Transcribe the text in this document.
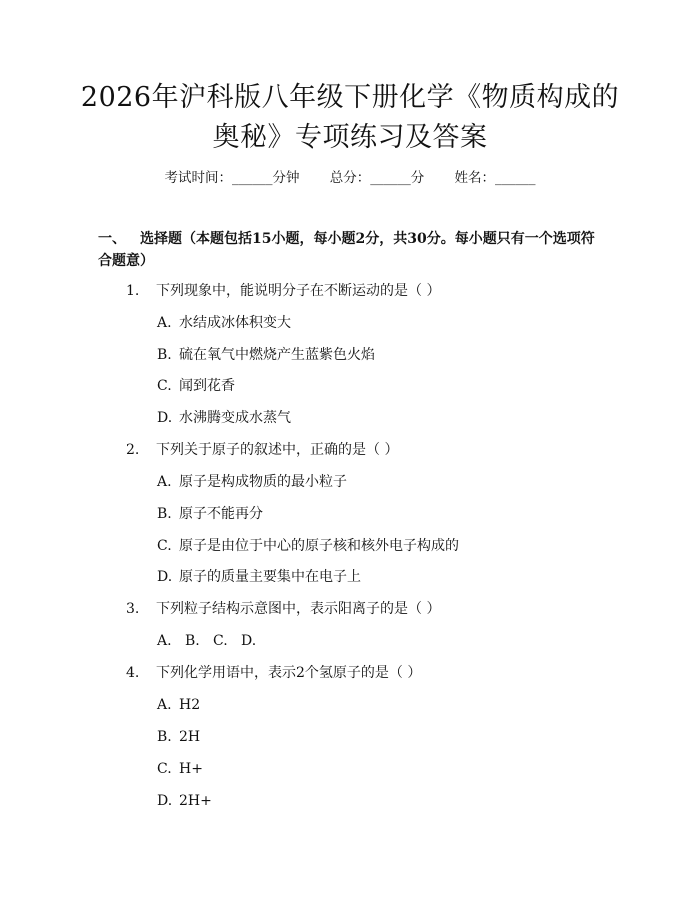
2026年沪科版八年级下册化学《物质构成的
奥秘》专项练习及答案
考试时间：______分钟 总分：______分 姓名：______
一、 选择题（本题包括15小题，每小题2分，共30分。每小题只有一个选项符
合题意）
1. 下列现象中，能说明分子在不断运动的是（ ）
A. 水结成冰体积变大
B. 硫在氧气中燃烧产生蓝紫色火焰
C. 闻到花香
D. 水沸腾变成水蒸气
2. 下列关于原子的叙述中，正确的是（ ）
A. 原子是构成物质的最小粒子
B. 原子不能再分
C. 原子是由位于中心的原子核和核外电子构成的
D. 原子的质量主要集中在电子上
3. 下列粒子结构示意图中，表示阳离子的是（ ）
A. B. C. D.
4. 下列化学用语中，表示2个氢原子的是（ ）
A. H2
B. 2H
C. H+
D. 2H+
